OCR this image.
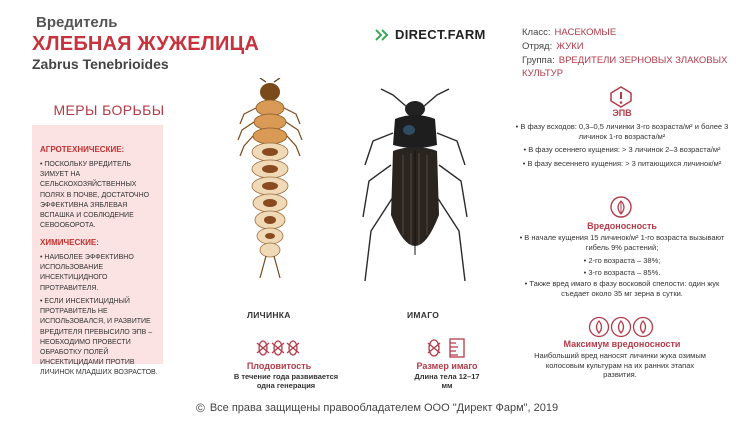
Вредитель
ХЛЕБНАЯ ЖУЖЕЛИЦА
Zabrus Tenebrioides
DIRECT.FARM	Класс: НАСЕКОМЫЕ
Отряд: ЖУКИ
Группа: ВРЕДИТЕЛИ ЗЕРНОВЫХ ЗЛАКОВЫХ КУЛЬТУР
МЕРЫ БОРЬБЫ
АГРОТЕХНИЧЕСКИЕ:
• ПОСКОЛЬКУ ВРЕДИТЕЛЬ ЗИМУЕТ НА СЕЛЬСКОХОЗЯЙСТВЕННЫХ ПОЛЯХ В ПОЧВЕ, ДОСТАТОЧНО ЭФФЕКТИВНА ЗЯБЛЕВАЯ ВСПАШКА И СОБЛЮДЕНИЕ СЕВООБОРОТА.
ХИМИЧЕСКИЕ:
• НАИБОЛЕЕ ЭФФЕКТИВНО ИСПОЛЬЗОВАНИЕ ИНСЕКТИЦИДНОГО ПРОТРАВИТЕЛЯ.
• ЕСЛИ ИНСЕКТИЦИДНЫЙ ПРОТРАВИТЕЛЬ НЕ ИСПОЛЬЗОВАЛСЯ, И РАЗВИТИЕ ВРЕДИТЕЛЯ ПРЕВЫСИЛО ЭПВ – НЕОБХОДИМО ПРОВЕСТИ ОБРАБОТКУ ПОЛЕЙ ИНСЕКТИЦИДАМИ ПРОТИВ ЛИЧИНОК МЛАДШИХ ВОЗРАСТОВ.
ЛИЧИНКА	ИМАГО
Плодовитость
В течение года развивается одна генерация
Размер имаго
Длина тела 12–17 мм
ЭПВ
• В фазу всходов: 0,3–0,5 личинки 3-го возраста/м² и более 3 личинок 1-го возраста/м²
• В фазу осеннего кущения: > 3 личинок 2–3 возраста/м²
• В фазу весеннего кущения: > 3 питающихся личинок/м²
Вредоносность
• В начале кущения 15 личинок/м² 1-го возраста вызывают гибель 9% растений;
• 2-го возраста – 38%;
• 3-го возраста – 85%.
• Также вред имаго в фазу восковой спелости: один жук съедает около 35 мг зерна в сутки.
Максимум вредоносности
Наибольший вред наносят личинки жука озимым колосовым культурам на их ранних этапах развития.
© Все права защищены правообладателем ООО "Директ Фарм", 2019
